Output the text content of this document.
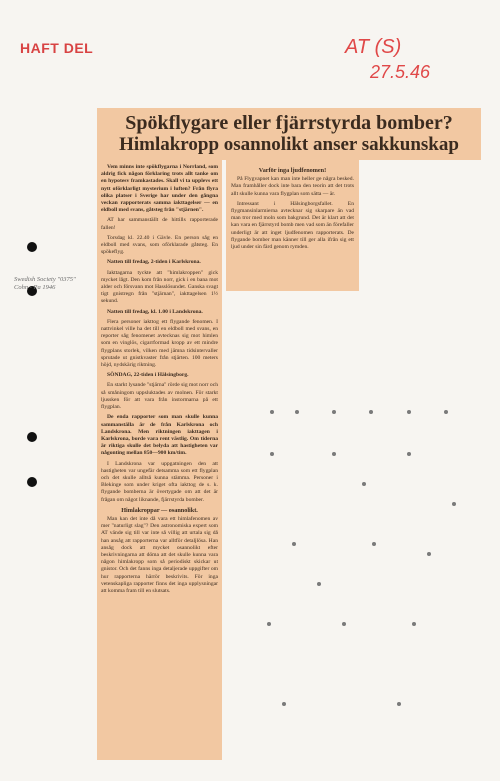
HAFT DEL	AT (S)
27.5.46
Swedish Society "0375" Cohn - Pa 1946
Spökflygare eller fjärrstyrda bomber?
Himlakropp osannolikt anser sakkunskap

Vem minns inte spökflygarna i Norrland, som aldrig fick någon förklaring trots allt tanke om en hypotesv framkastades. Skall vi ta upplevs ett nytt oförklarligt mysterium i luften? Från flyra olika platser i Sverige har under den gångna veckan rapporterats samma iakttagelser — en eldboll med svans, gåtsteg från "stjärnen".

AT har sammanställt de hittills rapporterade fallen!

Torsdag kl. 22.40 i Gävle. En person såg en eldboll med svans, som oförklarade gåtsteg. En spökeflyg.

Natten till fredag, 2-tiden i Karlskrona.

Iakttagarna tyckte att "himlakroppen" gick mycket lågt. Den kom från norr, gick i en bana mot alder och försvann mot Hasslösundet. Ganska svagt tigt gnistregn från "stjärnan", iakttagelsen 1½ sekund.

Natten till fredag, kl. 1.00 i Landskrona.

Flera personer iakttog ett flygande fenomen. I nattvinkel ville ha det till en eldboll med svans, en reporter såg fenomenet avtecknas sig mot himlen som en vinglös, cigarrformad kropp av ett mindre flygplans storlek, vilken med jämna tidsintervaller sprutade ut gnistkvaster från stjärten. 100 meters höjd, nydskärig riktning.

SÖNDAG, 22-tiden i Hälsingborg.

En starkt lysande "stjärna" rörde sig mot norr och så småningom uppsluktades av molnen. För starkt ljussken för att vara från instormarna på ett flygplan.

De enda rapporter som man skulle kunna sammanställa är de från Karlskrona och Landskrona. Men riktningen iakttagen i Karlskrona, borde vara rent västlig. Om tiderna är riktiga skulle det belyda att hastigheten var någonting mellan 850—900 km/tim.

I Landskrona var uppgatningen den att hastigheten var ungefär detsamma som ett flygplan och det skulle alltså kunna stämma. Personer i Blekinge som under kriget ofta iakttog de s. k. flygande bomberna är övertygade om att det är frågan om något liknande, fjärrstyrda bomber.

Himlakroppar — osannolikt.

Man kan det inte då vara ett himlafenomen av mer "naturligt slag"? Den astronomiska expert som AT vände sig till var inte så villig att urtala sig då han ansåg att rapporterna var alltför detaljlösa. Han ansåg dock att mycket osannolikt efter beskrivningarna att döma att det skulle kunna vara någon himlakropp som så periodiskt skickar ut gnistor. Och det fanns inga detaljerade uppgifter om hur rapporterna härrör beskrivits. För inga vetenskapliga rapporter finns det inga upplysningar att komma fram till en slutsats.

Varför inga ljudfenomen!

På Flygvapnet kan man inte heller ge några besked. Man framhåller dock inte bara den teorin att det trots allt skulle kunna vara flygplan som sätta — är.

Intressant i Hälsingborgsfallet. En flygmansinlarmierna avtecknar sig skarpare än vad man tror med moln som bakgrund. Det är klart att det kan vara en fjärrstyrd bomb men vad som än förefaller underligt är att inget ljudfenomen rapporterats. De flygande bomber man känner till ger alla ifrån sig ett ljud under sin färd genom rymden.
